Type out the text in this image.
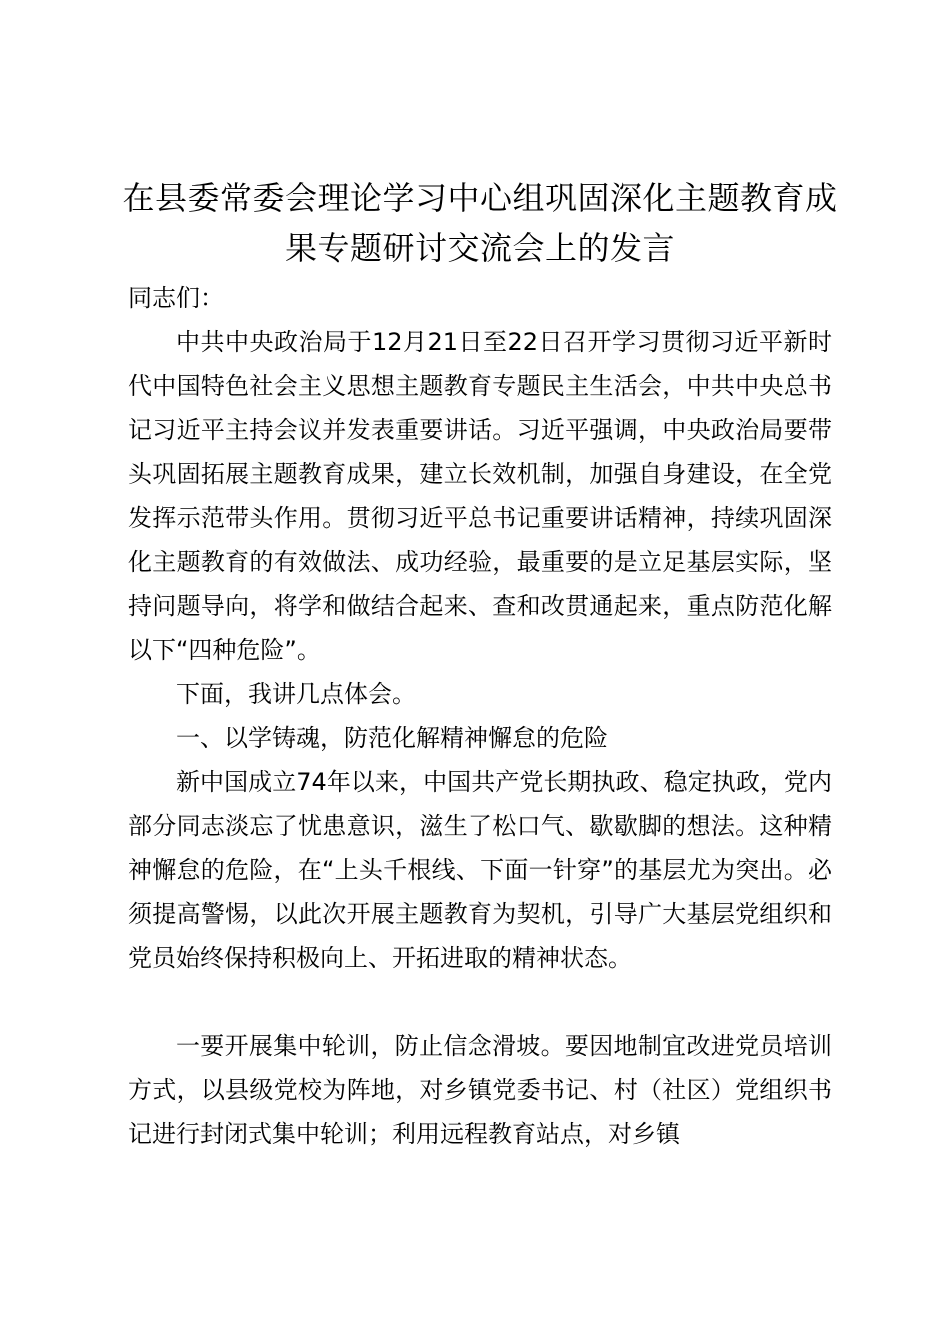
在县委常委会理论学习中心组巩固深化主题教育成果专题研讨交流会上的发言

同志们：

中共中央政治局于12月21日至22日召开学习贯彻习近平新时代中国特色社会主义思想主题教育专题民主生活会，中共中央总书记习近平主持会议并发表重要讲话。习近平强调，中央政治局要带头巩固拓展主题教育成果，建立长效机制，加强自身建设，在全党发挥示范带头作用。贯彻习近平总书记重要讲话精神，持续巩固深化主题教育的有效做法、成功经验，最重要的是立足基层实际，坚持问题导向，将学和做结合起来、查和改贯通起来，重点防范化解以下“四种危险”。

下面，我讲几点体会。

一、以学铸魂，防范化解精神懈怠的危险

新中国成立74年以来，中国共产党长期执政、稳定执政，党内部分同志淡忘了忧患意识，滋生了松口气、歇歇脚的想法。这种精神懈怠的危险，在“上头千根线、下面一针穿”的基层尤为突出。必须提高警惕，以此次开展主题教育为契机，引导广大基层党组织和党员始终保持积极向上、开拓进取的精神状态。

一要开展集中轮训，防止信念滑坡。要因地制宜改进党员培训方式，以县级党校为阵地，对乡镇党委书记、村（社区）党组织书记进行封闭式集中轮训；利用远程教育站点，对乡镇
